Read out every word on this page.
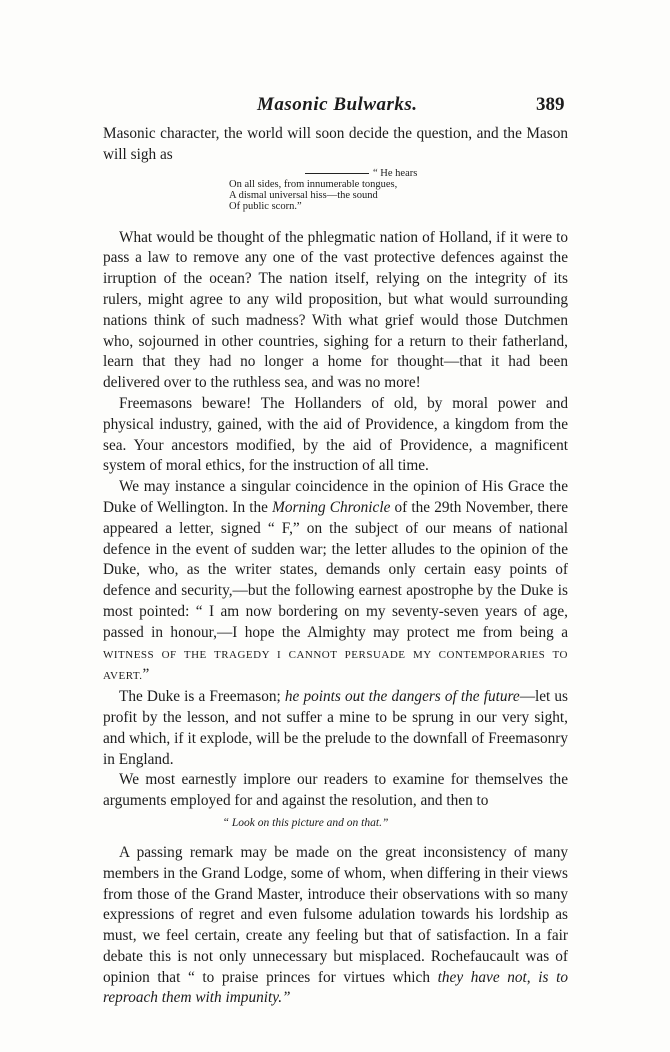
Masonic Bulwarks.	389

Masonic character, the world will soon decide the question, and the Mason will sigh as

“ He hears
On all sides, from innumerable tongues,
A dismal universal hiss—the sound
Of public scorn.”

What would be thought of the phlegmatic nation of Holland, if it were to pass a law to remove any one of the vast protective defences against the irruption of the ocean? The nation itself, relying on the integrity of its rulers, might agree to any wild proposition, but what would surrounding nations think of such madness? With what grief would those Dutchmen who, sojourned in other countries, sighing for a return to their fatherland, learn that they had no longer a home for thought—that it had been delivered over to the ruthless sea, and was no more!

Freemasons beware! The Hollanders of old, by moral power and physical industry, gained, with the aid of Providence, a kingdom from the sea. Your ancestors modified, by the aid of Providence, a magnificent system of moral ethics, for the instruction of all time.

We may instance a singular coincidence in the opinion of His Grace the Duke of Wellington. In the Morning Chronicle of the 29th November, there appeared a letter, signed “ F,” on the subject of our means of national defence in the event of sudden war; the letter alludes to the opinion of the Duke, who, as the writer states, demands only certain easy points of defence and security,—but the following earnest apostrophe by the Duke is most pointed: “ I am now bordering on my seventy-seven years of age, passed in honour,—I hope the Almighty may protect me from being a WITNESS OF THE TRAGEDY I CANNOT PERSUADE MY CONTEMPORARIES TO AVERT.”

The Duke is a Freemason; he points out the dangers of the future—let us profit by the lesson, and not suffer a mine to be sprung in our very sight, and which, if it explode, will be the prelude to the downfall of Freemasonry in England.

We most earnestly implore our readers to examine for themselves the arguments employed for and against the resolution, and then to

“ Look on this picture and on that.”

A passing remark may be made on the great inconsistency of many members in the Grand Lodge, some of whom, when differing in their views from those of the Grand Master, introduce their observations with so many expressions of regret and even fulsome adulation towards his lordship as must, we feel certain, create any feeling but that of satisfaction. In a fair debate this is not only unnecessary but misplaced. Rochefaucault was of opinion that “ to praise princes for virtues which they have not, is to reproach them with impunity.”
